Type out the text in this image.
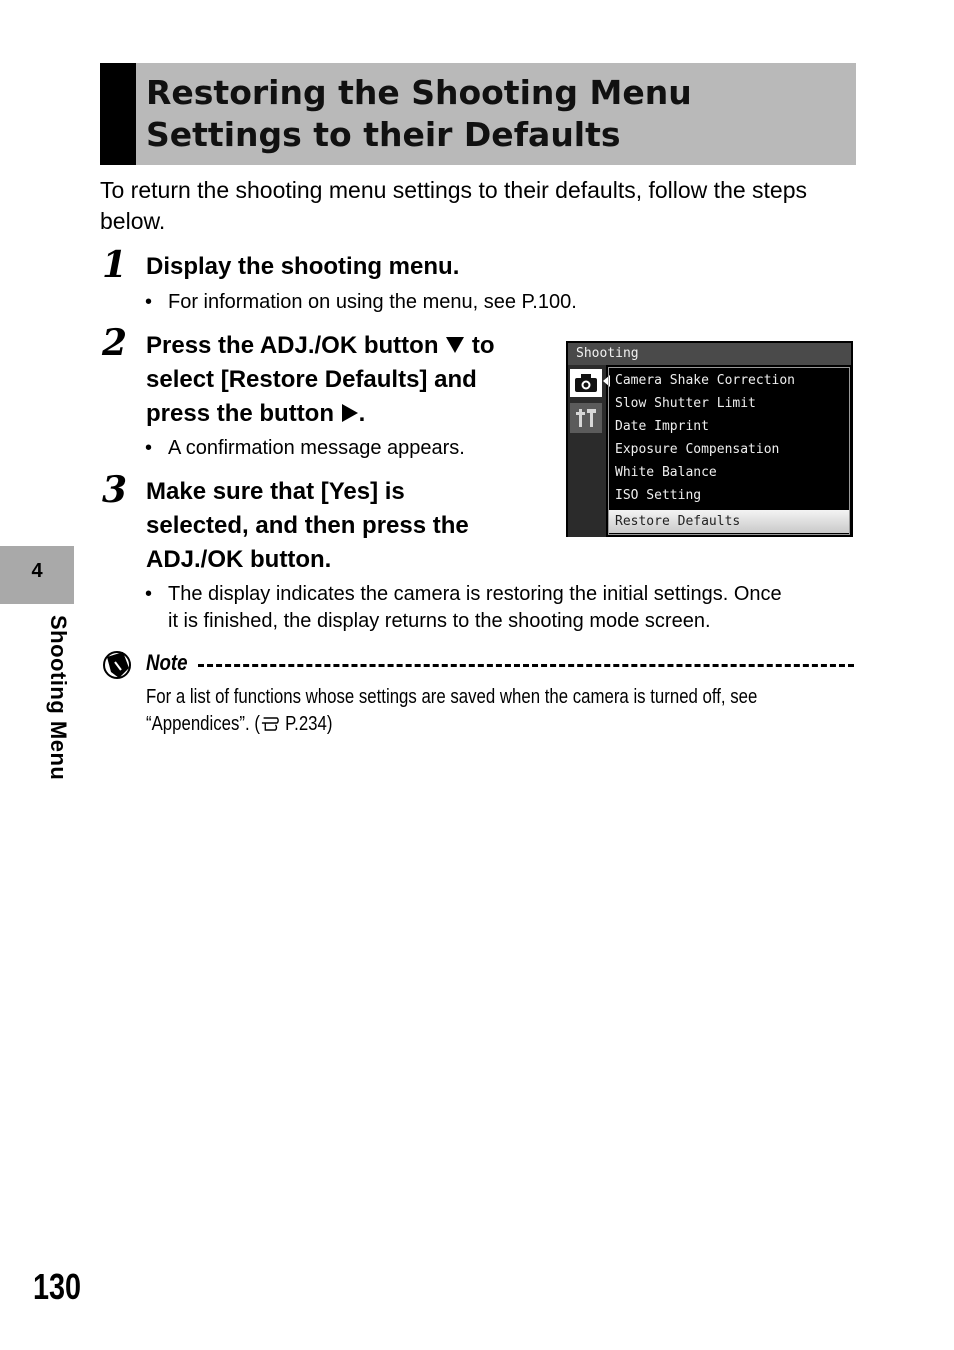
Restoring the Shooting Menu
Settings to their Defaults
To return the shooting menu settings to their defaults, follow the steps below.
1 Display the shooting menu.
• For information on using the menu, see P.100.
2 Press the ADJ./OK button  to
select [Restore Defaults] and
press the button .
• A confirmation message appears.
Shooting
Camera Shake Correction
Slow Shutter Limit
Date Imprint
Exposure Compensation
White Balance
ISO Setting
Restore Defaults
3 Make sure that [Yes] is
selected, and then press the
ADJ./OK button.
• The display indicates the camera is restoring the initial settings. Once
it is finished, the display returns to the shooting mode screen.
Note
For a list of functions whose settings are saved when the camera is turned off, see
“Appendices”. ( P.234)
4
Shooting Menu
130
